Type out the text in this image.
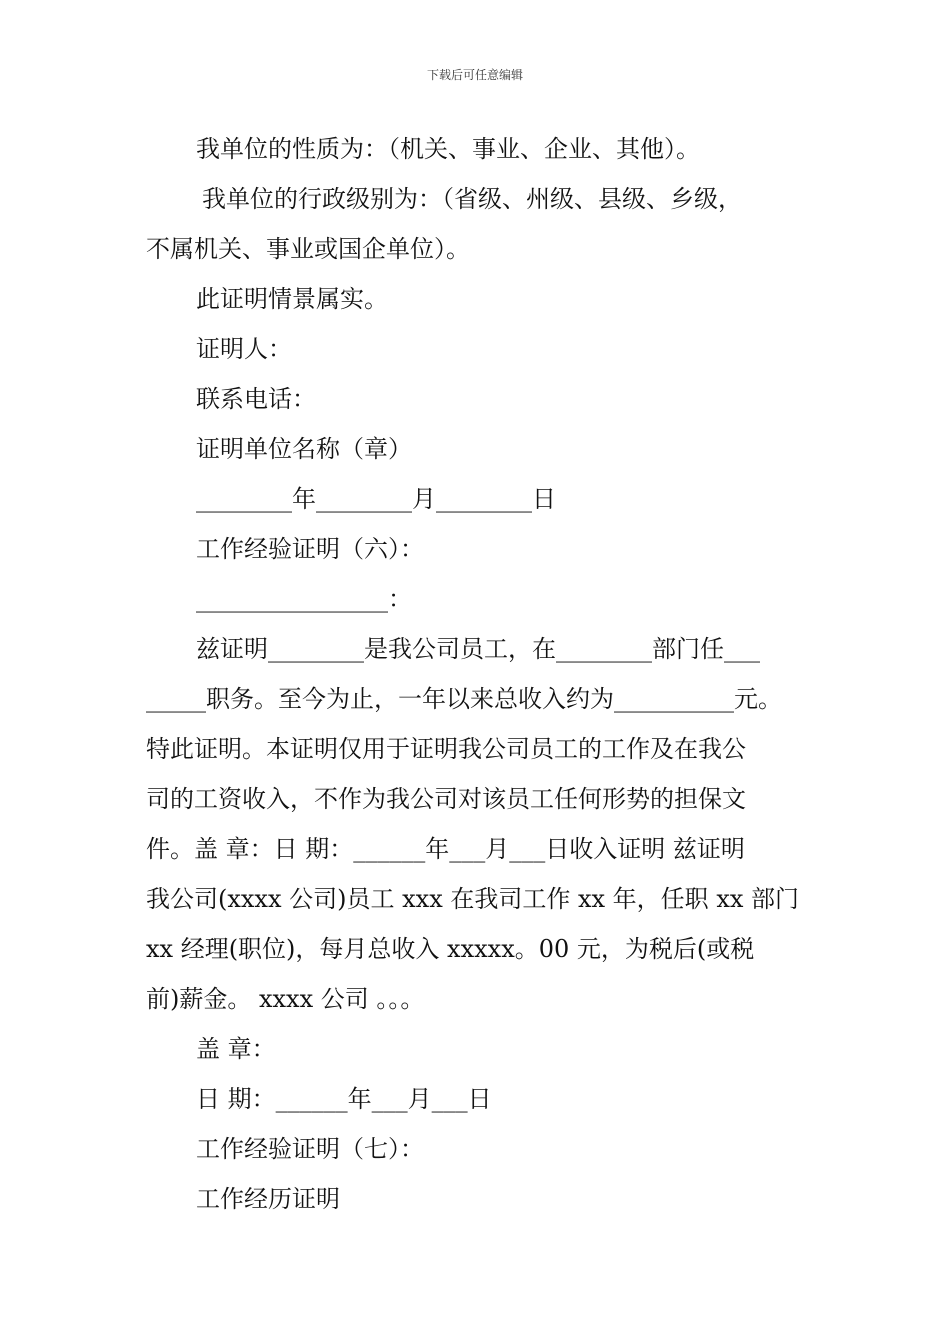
下载后可任意编辑

我单位的性质为：（机关、事业、企业、其他）。

我单位的行政级别为：（省级、州级、县级、乡级，

不属机关、事业或国企单位）。

此证明情景属实。

证明人：

联系电话：

证明单位名称（章）

________年________月________日

工作经验证明（六）：

________________：

兹证明________是我公司员工，在________部门任___

_____职务。至今为止，一年以来总收入约为__________元。

特此证明。本证明仅用于证明我公司员工的工作及在我公

司的工资收入，不作为我公司对该员工任何形势的担保文

件。盖 章：日 期：______年___月___日收入证明 兹证明

我公司(xxxx 公司)员工 xxx 在我司工作 xx 年，任职 xx 部门

xx 经理(职位)，每月总收入 xxxxx。00 元，为税后(或税

前)薪金。 xxxx 公司 。。。

盖 章：

日 期：______年___月___日

工作经验证明（七）：

工作经历证明
